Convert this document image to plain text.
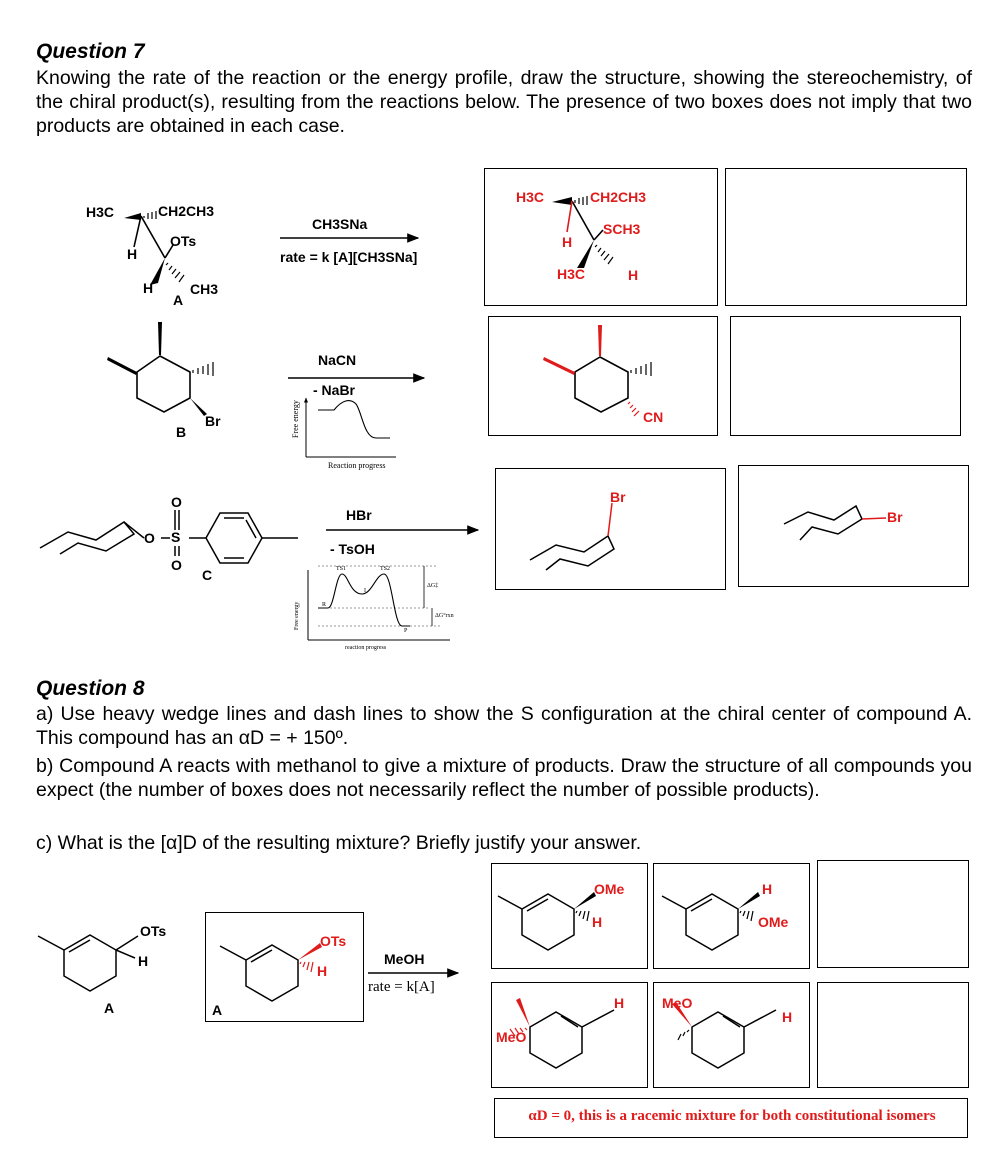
Question 7
Knowing the rate of the reaction or the energy profile, draw the structure, showing the stereochemistry, of the chiral product(s), resulting from the reactions below. The presence of two boxes does not imply that two products are obtained in each case.
Question 8
a) Use heavy wedge lines and dash lines to show the S configuration at the chiral center of compound A. This compound has an αD = + 150º.
b) Compound A reacts with methanol to give a mixture of products. Draw the structure of all compounds you expect (the number of boxes does not necessarily reflect the number of possible products).
c) What is the [α]D of the resulting mixture? Briefly justify your answer.
αD = 0, this is a racemic mixture for both constitutional isomers
H3C	CH2CH3
OTs
H
H	CH3
A
CH3SNa
rate = k [A][CH3SNa]
H3C	CH2CH3
SCH3
H
H3C	H
Br
B
NaCN
- NaBr
Free energy
Reaction progress
CN
O
O
S
O
C
HBr
- TsOH
TS1	TS2
I
R
P
ΔG‡
ΔG°rxn
Free energy
reaction progress
Br
Br
OTs
H
A
OTs
H
A
MeOH
rate = k[A]
OMe
H
H
OMe
H
MeO
MeO
H
